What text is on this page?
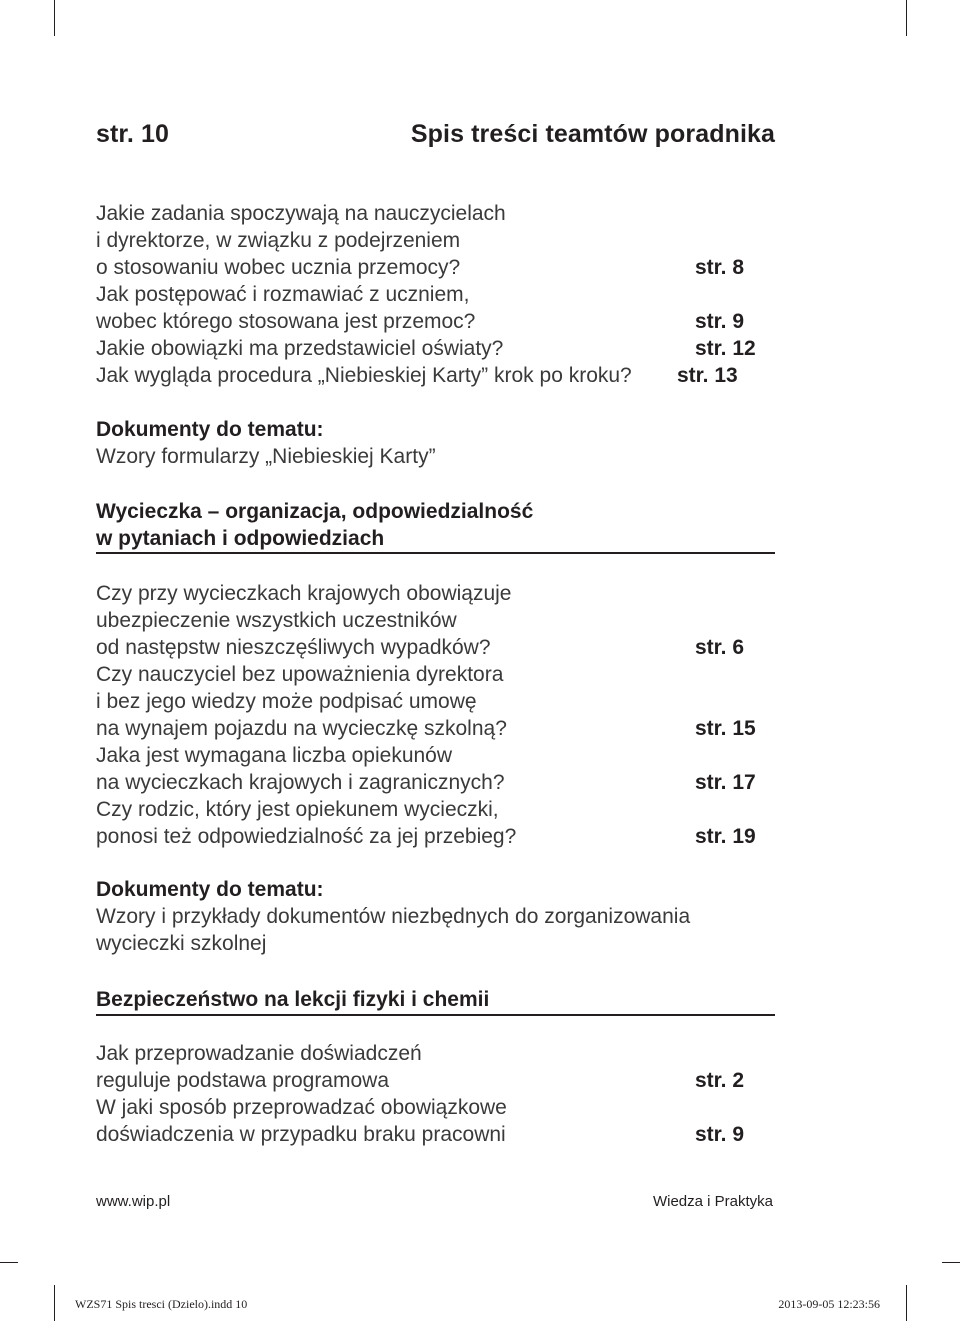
str. 10	Spis treści teamtów poradnika
Jakie zadania spoczywają na nauczycielach
i dyrektorze, w związku z podejrzeniem
o stosowaniu wobec ucznia przemocy?	str. 8
Jak postępować i rozmawiać z uczniem,
wobec którego stosowana jest przemoc?	str. 9
Jakie obowiązki ma przedstawiciel oświaty?	str. 12
Jak wygląda procedura „Niebieskiej Karty” krok po kroku? str. 13
Dokumenty do tematu:
Wzory formularzy „Niebieskiej Karty”
Wycieczka – organizacja, odpowiedzialność
w pytaniach i odpowiedziach
Czy przy wycieczkach krajowych obowiązuje
ubezpieczenie wszystkich uczestników
od następstw nieszczęśliwych wypadków?	str. 6
Czy nauczyciel bez upoważnienia dyrektora
i bez jego wiedzy może podpisać umowę
na wynajem pojazdu na wycieczkę szkolną?	str. 15
Jaka jest wymagana liczba opiekunów
na wycieczkach krajowych i zagranicznych?	str. 17
Czy rodzic, który jest opiekunem wycieczki,
ponosi też odpowiedzialność za jej przebieg?	str. 19
Dokumenty do tematu:
Wzory i przykłady dokumentów niezbędnych do zorganizowania
wycieczki szkolnej
Bezpieczeństwo na lekcji fizyki i chemii
Jak przeprowadzanie doświadczeń
reguluje podstawa programowa	str. 2
W jaki sposób przeprowadzać obowiązkowe
doświadczenia w przypadku braku pracowni	str. 9
www.wip.pl	Wiedza i Praktyka
WZS71 Spis tresci (Dzielo).indd 10	2013-09-05 12:23:56
